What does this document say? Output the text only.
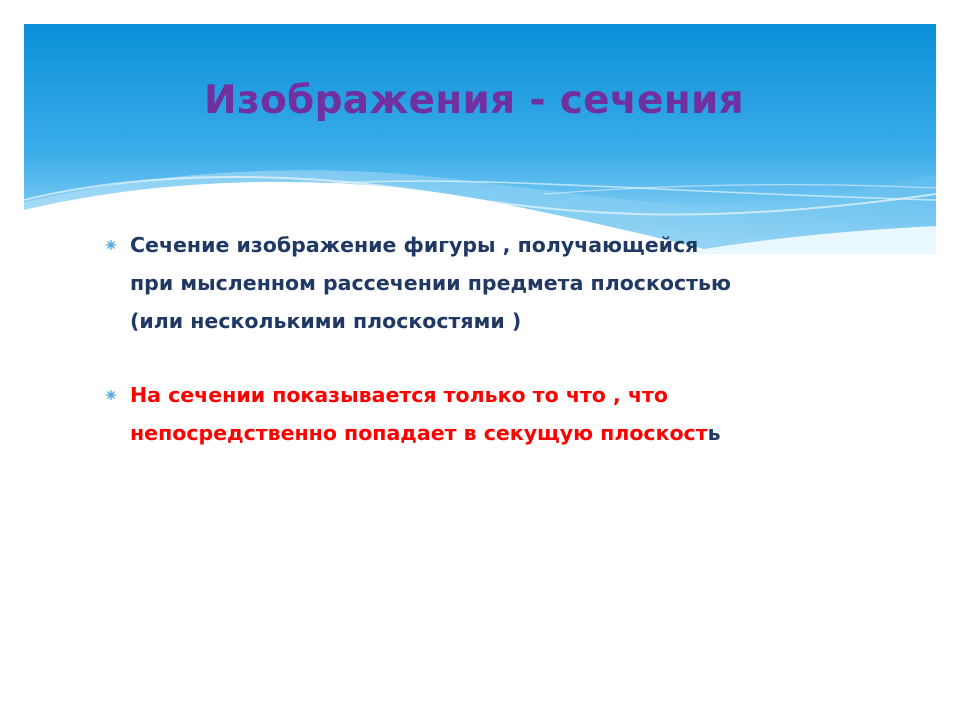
Изображения - сечения
Сечение изображение фигуры , получающейся
при мысленном рассечении предмета плоскостью
(или несколькими плоскостями )
На сечении показывается только то что , что
непосредственно попадает в секущую плоскость
